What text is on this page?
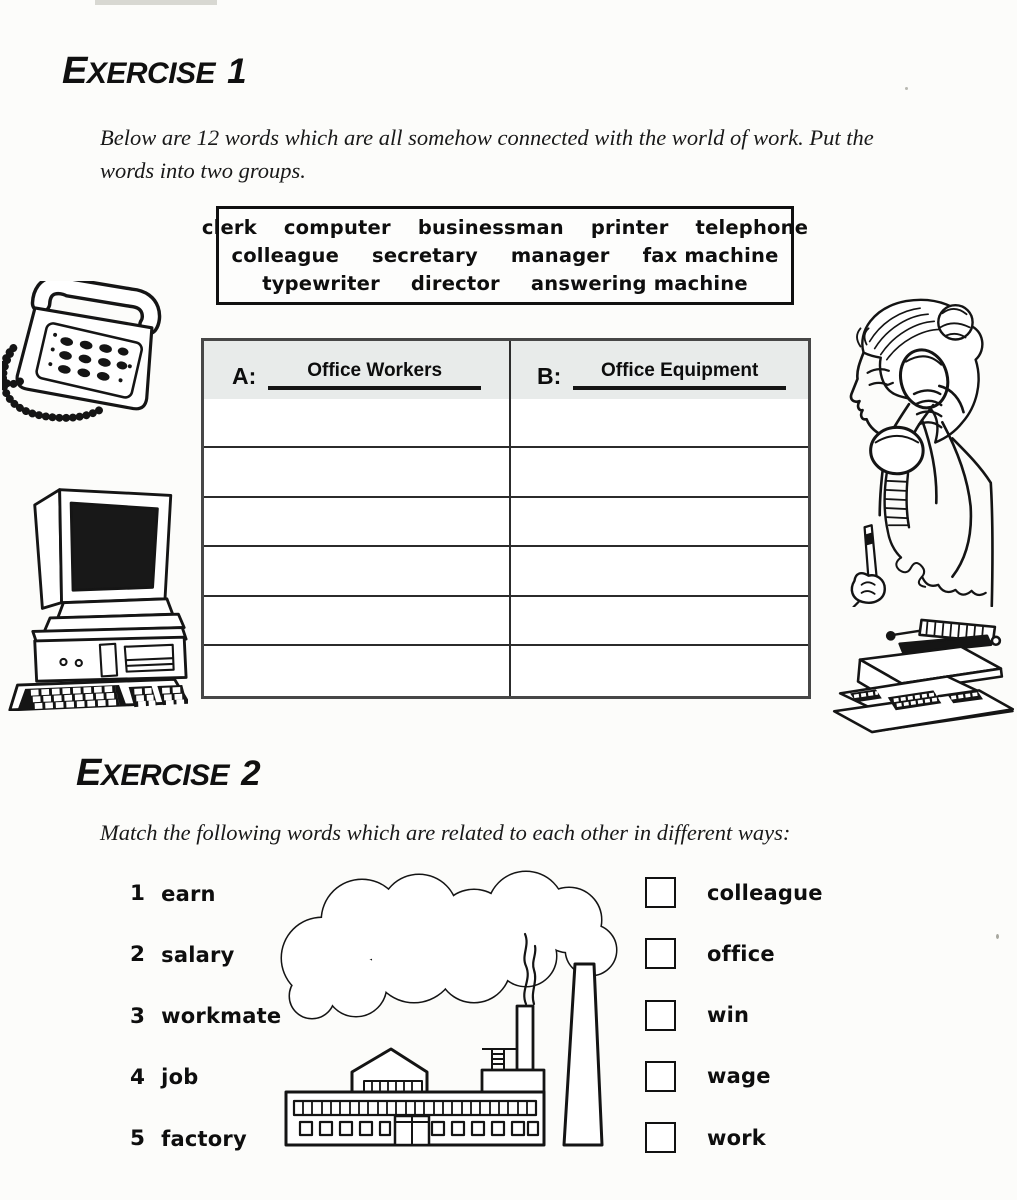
EXERCISE 1
Below are 12 words which are all somehow connected with the world of work. Put the
words into two groups.
clerk computer businessman printer telephone
colleague secretary manager fax machine
typewriter director answering machine
A:	Office Workers	B:	Office Equipment
EXERCISE 2
Match the following words which are related to each other in different ways:
1 earn
2 salary
3 workmate
4 job
5 factory
colleague
office
win
wage
work
